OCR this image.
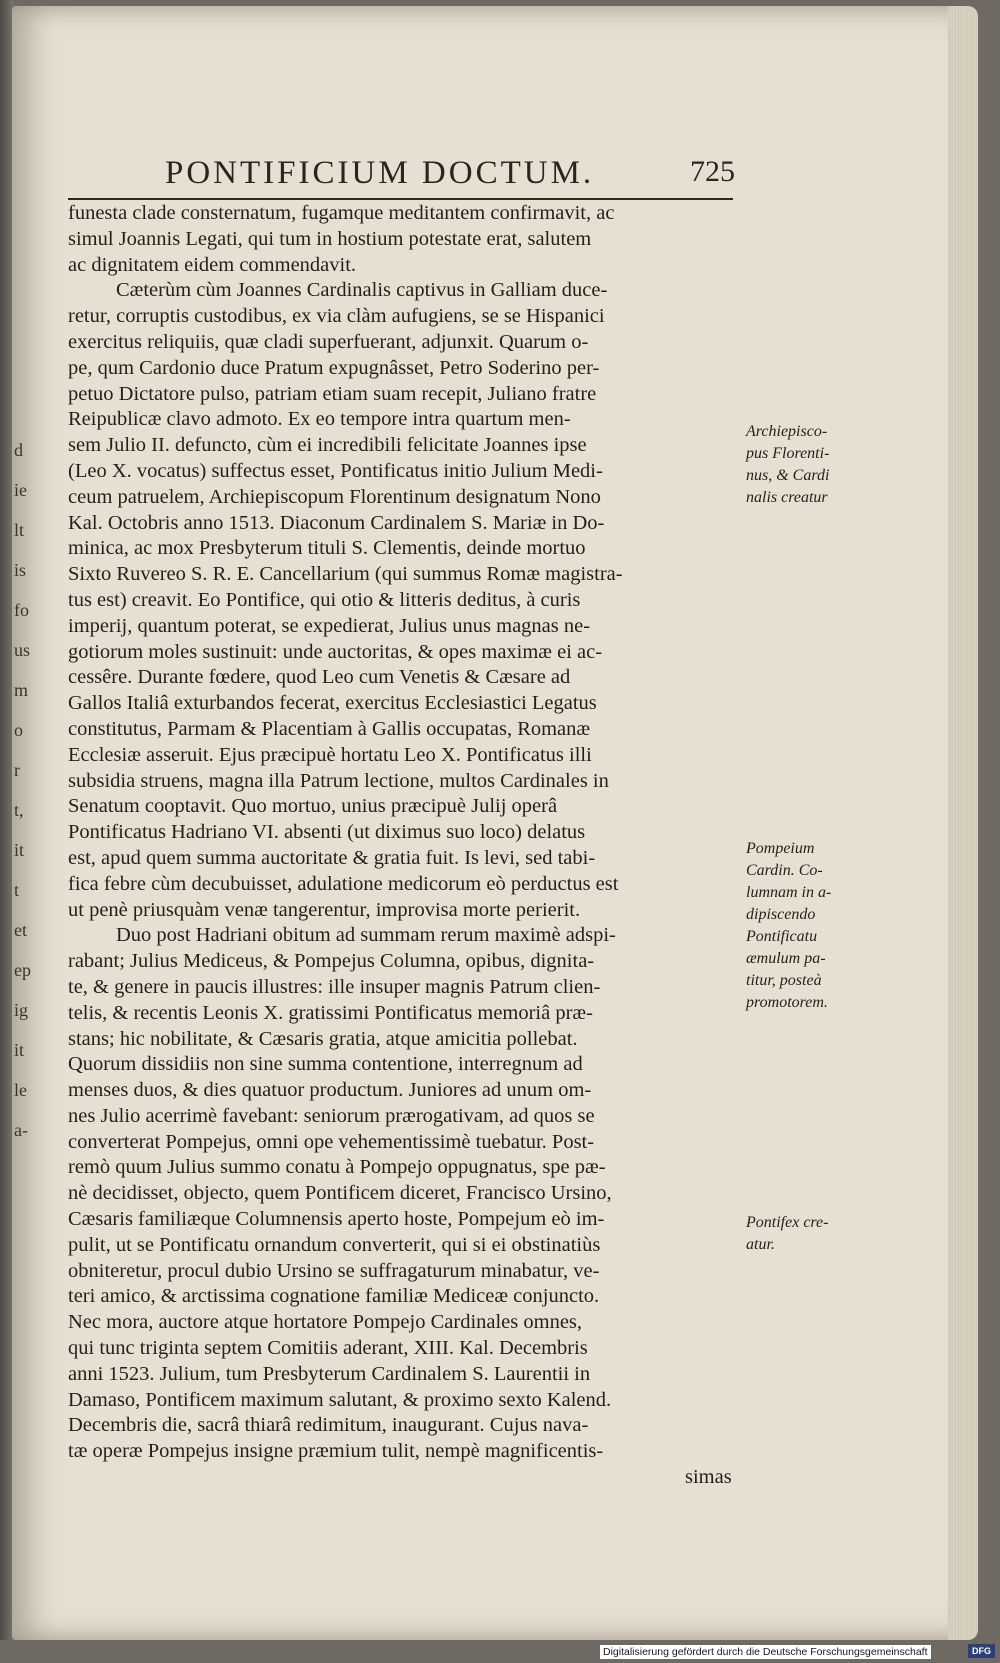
d
ie
lt
is
fo
us
m
o
r
t,
it
t
et
ep
ig
it
le
a-
PONTIFICIUM DOCTUM.	725
funesta clade consternatum, fugamque meditantem confirmavit, ac
simul Joannis Legati, qui tum in hostium potestate erat, salutem
ac dignitatem eidem commendavit.
Cæterùm cùm Joannes Cardinalis captivus in Galliam duce-
retur, corruptis custodibus, ex via clàm aufugiens, se se Hispanici
exercitus reliquiis, quæ cladi superfuerant, adjunxit. Quarum o-
pe, qum Cardonio duce Pratum expugnâsset, Petro Soderino per-
petuo Dictatore pulso, patriam etiam suam recepit, Juliano fratre
Reipublicæ clavo admoto. Ex eo tempore intra quartum men-
sem Julio II. defuncto, cùm ei incredibili felicitate Joannes ipse
(Leo X. vocatus) suffectus esset, Pontificatus initio Julium Medi-
ceum patruelem, Archiepiscopum Florentinum designatum Nono
Kal. Octobris anno 1513. Diaconum Cardinalem S. Mariæ in Do-
minica, ac mox Presbyterum tituli S. Clementis, deinde mortuo
Sixto Ruvereo S. R. E. Cancellarium (qui summus Romæ magistra-
tus est) creavit. Eo Pontifice, qui otio & litteris deditus, à curis
imperij, quantum poterat, se expedierat, Julius unus magnas ne-
gotiorum moles sustinuit: unde auctoritas, & opes maximæ ei ac-
cessêre. Durante fœdere, quod Leo cum Venetis & Cæsare ad
Gallos Italiâ exturbandos fecerat, exercitus Ecclesiastici Legatus
constitutus, Parmam & Placentiam à Gallis occupatas, Romanæ
Ecclesiæ asseruit. Ejus præcipuè hortatu Leo X. Pontificatus illi
subsidia struens, magna illa Patrum lectione, multos Cardinales in
Senatum cooptavit. Quo mortuo, unius præcipuè Julij operâ
Pontificatus Hadriano VI. absenti (ut diximus suo loco) delatus
est, apud quem summa auctoritate & gratia fuit. Is levi, sed tabi-
fica febre cùm decubuisset, adulatione medicorum eò perductus est
ut penè priusquàm venæ tangerentur, improvisa morte perierit.
Duo post Hadriani obitum ad summam rerum maximè adspi-
rabant; Julius Mediceus, & Pompejus Columna, opibus, dignita-
te, & genere in paucis illustres: ille insuper magnis Patrum clien-
telis, & recentis Leonis X. gratissimi Pontificatus memoriâ præ-
stans; hic nobilitate, & Cæsaris gratia, atque amicitia pollebat.
Quorum dissidiis non sine summa contentione, interregnum ad
menses duos, & dies quatuor productum. Juniores ad unum om-
nes Julio acerrimè favebant: seniorum prærogativam, ad quos se
converterat Pompejus, omni ope vehementissimè tuebatur. Post-
remò quum Julius summo conatu à Pompejo oppugnatus, spe pæ-
nè decidisset, objecto, quem Pontificem diceret, Francisco Ursino,
Cæsaris familiæque Columnensis aperto hoste, Pompejum eò im-
pulit, ut se Pontificatu ornandum converterit, qui si ei obstinatiùs
obniteretur, procul dubio Ursino se suffragaturum minabatur, ve-
teri amico, & arctissima cognatione familiæ Mediceæ conjuncto.
Nec mora, auctore atque hortatore Pompejo Cardinales omnes,
qui tunc triginta septem Comitiis aderant, XIII. Kal. Decembris
anni 1523. Julium, tum Presbyterum Cardinalem S. Laurentii in
Damaso, Pontificem maximum salutant, & proximo sexto Kalend.
Decembris die, sacrâ thiarâ redimitum, inaugurant. Cujus nava-
tæ operæ Pompejus insigne præmium tulit, nempè magnificentis-
simas
Archiepisco-
pus Florenti-
nus, & Cardi
nalis creatur
Pompeium
Cardin. Co-
lumnam in a-
dipiscendo
Pontificatu
æmulum pa-
titur, posteà
promotorem.
Pontifex cre-
atur.
Digitalisierung gefördert durch die Deutsche Forschungsgemeinschaft	DFG
